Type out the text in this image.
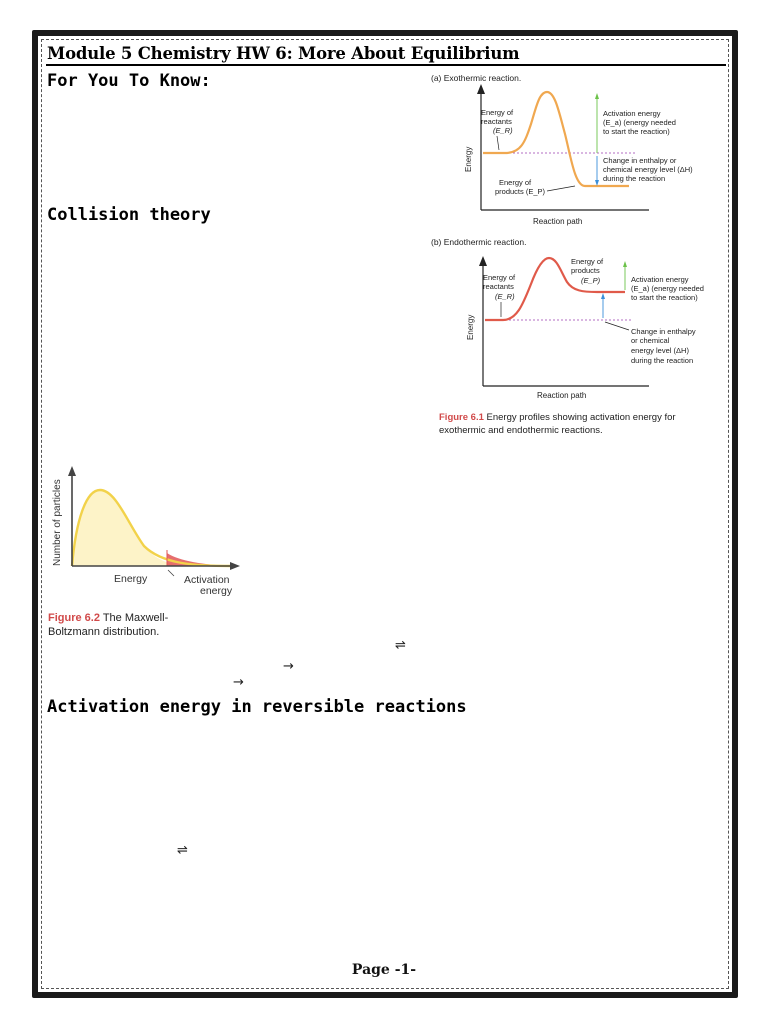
Module 5 Chemistry HW 6: More About Equilibrium
For You To Know:
Collision theory
Activation energy in reversible reactions
⇌
→
→
⇌
(a) Exothermic reaction.
Energy
Reaction path
Energy of
reactants
(E_R)
Energy of
products (E_P)
Activation energy
(E_a) (energy needed
to start the reaction)
Change in enthalpy or
chemical energy level (ΔH)
during the reaction
(b) Endothermic reaction.
Energy
Reaction path
Energy of
reactants
(E_R)
Energy of
products
(E_P)	Activation energy
(E_a) (energy needed
to start the reaction)
Change in enthalpy
or chemical
energy level (ΔH)
during the reaction
Figure 6.1 Energy profiles showing activation energy for
exothermic and endothermic reactions.
Number of particles
Energy	Activation
energy
Figure 6.2 The Maxwell-
Boltzmann distribution.
Page -1-
